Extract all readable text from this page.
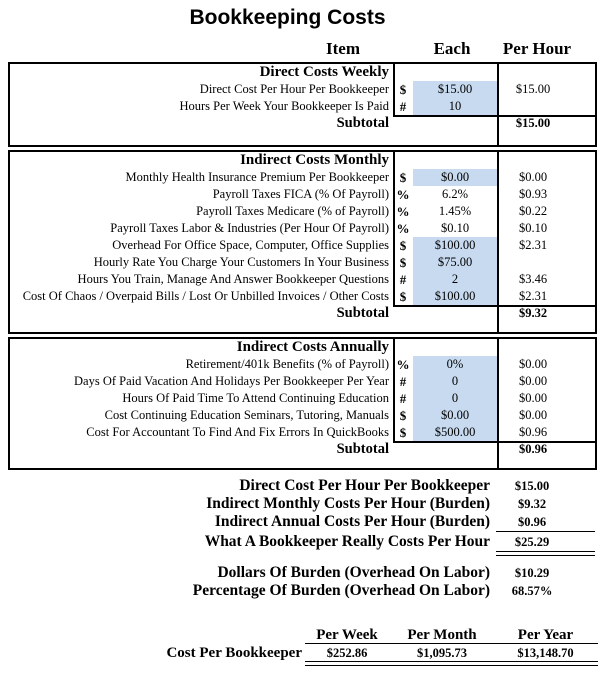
Bookkeeping Costs
Item	Each	Per Hour
Direct Costs Weekly
Direct Cost Per Hour Per Bookkeeper $	$15.00	$15.00
Hours Per Week Your Bookkeeper Is Paid #	10
Subtotal	$15.00
Indirect Costs Monthly
Monthly Health Insurance Premium Per Bookkeeper $	$0.00	$0.00
Payroll Taxes FICA (% Of Payroll) %	6.2%	$0.93
Payroll Taxes Medicare (% of Payroll) %	1.45%	$0.22
Payroll Taxes Labor & Industries (Per Hour Of Payroll) %	$0.10	$0.10
Overhead For Office Space, Computer, Office Supplies $	$100.00	$2.31
Hourly Rate You Charge Your Customers In Your Business $	$75.00
Hours You Train, Manage And Answer Bookkeeper Questions #	2	$3.46
Cost Of Chaos / Overpaid Bills / Lost Or Unbilled Invoices / Other Costs $	$100.00	$2.31
Subtotal	$9.32
Indirect Costs Annually
Retirement/401k Benefits (% of Payroll) %	0%	$0.00
Days Of Paid Vacation And Holidays Per Bookkeeper Per Year #	0	$0.00
Hours Of Paid Time To Attend Continuing Education #	0	$0.00
Cost Continuing Education Seminars, Tutoring, Manuals $	$0.00	$0.00
Cost For Accountant To Find And Fix Errors In QuickBooks $	$500.00	$0.96
Subtotal	$0.96
Direct Cost Per Hour Per Bookkeeper	$15.00
Indirect Monthly Costs Per Hour (Burden)	$9.32
Indirect Annual Costs Per Hour (Burden)	$0.96
What A Bookkeeper Really Costs Per Hour	$25.29
Dollars Of Burden (Overhead On Labor)	$10.29
Percentage Of Burden (Overhead On Labor)	68.57%
Per Week	Per Month	Per Year
Cost Per Bookkeeper	$252.86	$1,095.73	$13,148.70
